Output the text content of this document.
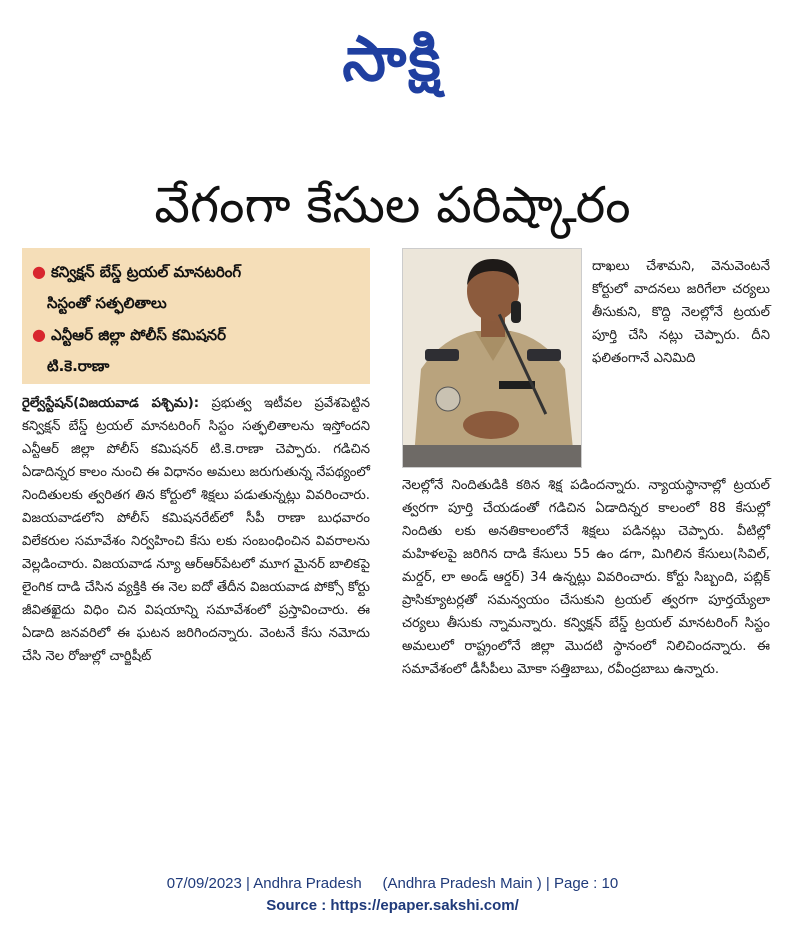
సాక్షి
వేగంగా కేసుల పరిష్కారం
● కన్విక్షన్ బేస్డ్ ట్రయల్ మానటరింగ్
సిస్టంతో సత్ఫలితాలు
● ఎన్టీఆర్ జిల్లా పోలీస్ కమిషనర్
టి.కె.రాణా

రైల్వేస్టేషన్(విజయవాడ పశ్చిమ): ప్రభుత్వ ఇటీవల ప్రవేశపెట్టిన కన్విక్షన్ బేస్డ్ ట్రయల్ మానటరింగ్ సిస్టం సత్ఫలితాలను ఇస్తోందని ఎన్టీఆర్ జిల్లా పోలీస్ కమిషనర్ టి.కె.రాణా చెప్పారు. గడిచిన ఏడాదిన్నర కాలం నుంచి ఈ విధానం అమలు జరుగుతున్న నేపథ్యంలో నిందితులకు త్వరితగ తిన కోర్టులో శిక్షలు పడుతున్నట్లు వివరించారు. విజయవాడలోని పోలీస్ కమిషనరేట్‌లో సీపీ రాణా బుధవారం విలేకరుల సమావేశం నిర్వహించి కేసు లకు సంబంధించిన వివరాలను వెల్లడించారు. విజయవాడ న్యూ ఆర్ఆర్‌పేటలో మూగ మైనర్ బాలికపై లైంగిక దాడి చేసిన వ్యక్తికి ఈ నెల ఐదో తేదీన విజయవాడ పోక్సో కోర్టు జీవితఖైదు విధిం చిన విషయాన్ని సమావేశంలో ప్రస్తావించారు. ఈ ఏడాది జనవరిలో ఈ ఘటన జరిగిందన్నారు. వెంటనే కేసు నమోదు చేసి నెల రోజుల్లో చార్జిషీట్

దాఖలు చేశామని, వెనువెంటనే కోర్టులో వాదనలు జరిగేలా చర్యలు తీసుకుని, కొద్ది నెలల్లోనే ట్రయల్ పూర్తి చేసి నట్లు చెప్పారు. దీని ఫలితంగానే ఎనిమిది

నెలల్లోనే నిందితుడికి కఠిన శిక్ష పడిందన్నారు. న్యాయస్థానాల్లో ట్రయల్ త్వరగా పూర్తి చేయడంతో గడిచిన ఏడాదిన్నర కాలంలో 88 కేసుల్లో నిందితు లకు అనతికాలంలోనే శిక్షలు పడినట్లు చెప్పారు. వీటిల్లో మహిళలపై జరిగిన దాడి కేసులు 55 ఉం డగా, మిగిలిన కేసులు(సివిల్, మర్డర్, లా అండ్ ఆర్డర్) 34 ఉన్నట్లు వివరించారు. కోర్టు సిబ్బంది, పబ్లిక్ ప్రాసిక్యూటర్లతో సమన్వయం చేసుకుని ట్రయల్ త్వరగా పూర్తయ్యేలా చర్యలు తీసుకు న్నామన్నారు. కన్విక్షన్ బేస్డ్ ట్రయల్ మానటరింగ్ సిస్టం అమలులో రాష్ట్రంలోనే జిల్లా మొదటి స్థానంలో నిలిచిందన్నారు. ఈ సమావేశంలో డీసీపీలు మోకా సత్తిబాబు, రవీంద్రబాబు ఉన్నారు.

07/09/2023 | Andhra Pradesh     (Andhra Pradesh Main ) | Page : 10
Source : https://epaper.sakshi.com/
